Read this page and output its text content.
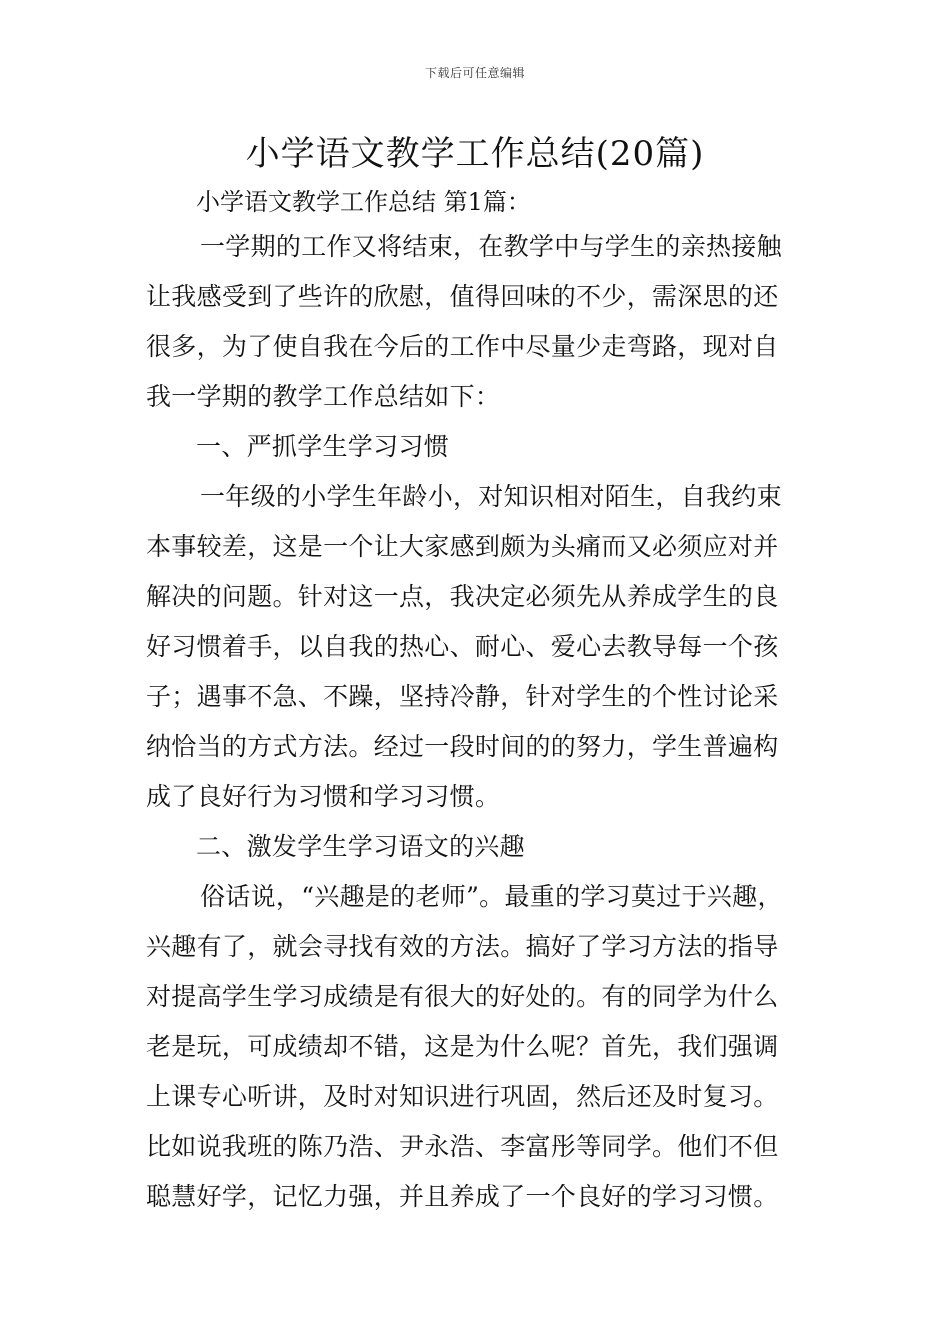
下载后可任意编辑
小学语文教学工作总结(20篇)
小学语文教学工作总结 第1篇：
一学期的工作又将结束，在教学中与学生的亲热接触
让我感受到了些许的欣慰，值得回味的不少，需深思的还
很多，为了使自我在今后的工作中尽量少走弯路，现对自
我一学期的教学工作总结如下：
一、严抓学生学习习惯
一年级的小学生年龄小，对知识相对陌生，自我约束
本事较差，这是一个让大家感到颇为头痛而又必须应对并
解决的问题。针对这一点，我决定必须先从养成学生的良
好习惯着手，以自我的热心、耐心、爱心去教导每一个孩
子；遇事不急、不躁，坚持冷静，针对学生的个性讨论采
纳恰当的方式方法。经过一段时间的的努力，学生普遍构
成了良好行为习惯和学习习惯。
二、激发学生学习语文的兴趣
俗话说，“兴趣是的老师”。最重的学习莫过于兴趣，
兴趣有了，就会寻找有效的方法。搞好了学习方法的指导
对提高学生学习成绩是有很大的好处的。有的同学为什么
老是玩，可成绩却不错，这是为什么呢？首先，我们强调
上课专心听讲，及时对知识进行巩固，然后还及时复习。
比如说我班的陈乃浩、尹永浩、李富彤等同学。他们不但
聪慧好学，记忆力强，并且养成了一个良好的学习习惯。
